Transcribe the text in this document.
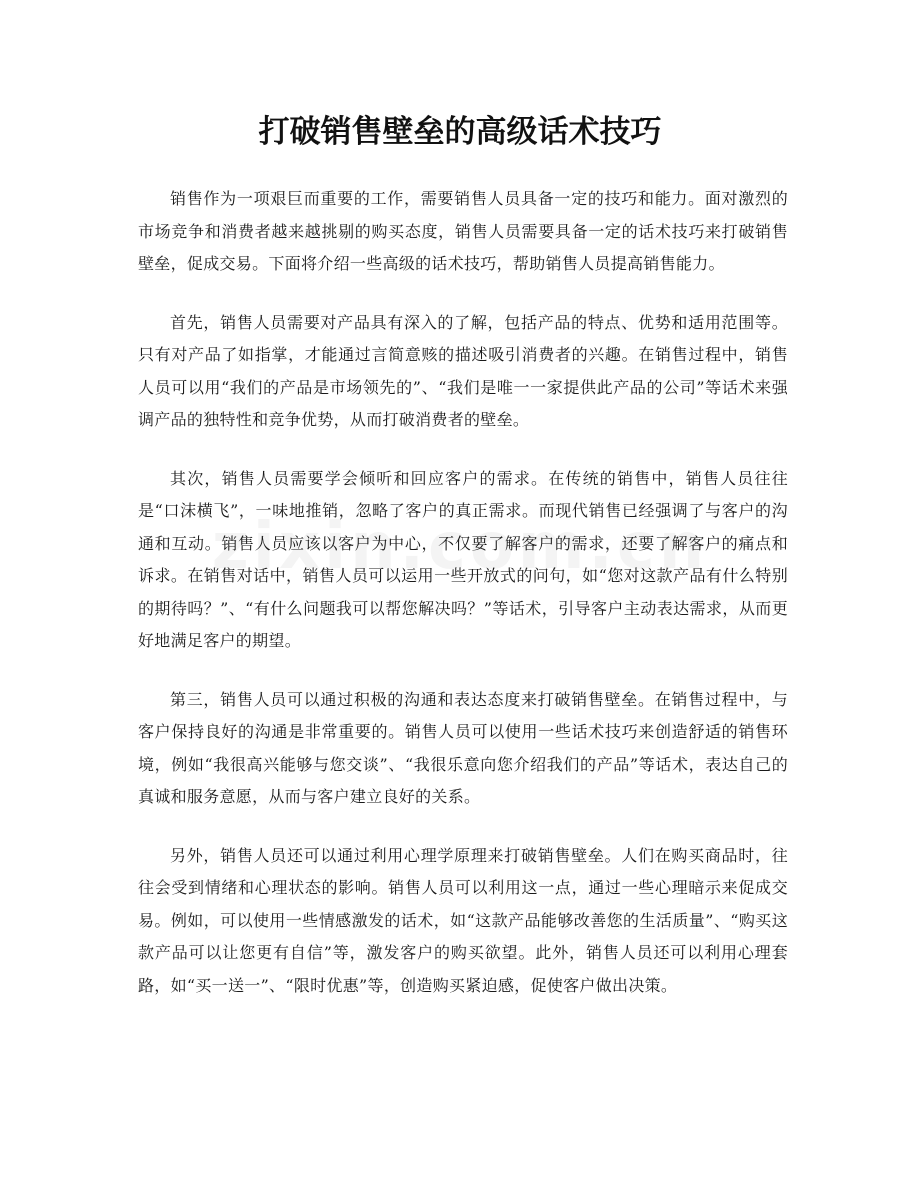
打破销售壁垒的高级话术技巧

销售作为一项艰巨而重要的工作，需要销售人员具备一定的技巧和能力。面对激烈的市场竞争和消费者越来越挑剔的购买态度，销售人员需要具备一定的话术技巧来打破销售壁垒，促成交易。下面将介绍一些高级的话术技巧，帮助销售人员提高销售能力。

首先，销售人员需要对产品具有深入的了解，包括产品的特点、优势和适用范围等。只有对产品了如指掌，才能通过言简意赅的描述吸引消费者的兴趣。在销售过程中，销售人员可以用“我们的产品是市场领先的”、“我们是唯一一家提供此产品的公司”等话术来强调产品的独特性和竞争优势，从而打破消费者的壁垒。

其次，销售人员需要学会倾听和回应客户的需求。在传统的销售中，销售人员往往是“口沫横飞”，一味地推销，忽略了客户的真正需求。而现代销售已经强调了与客户的沟通和互动。销售人员应该以客户为中心，不仅要了解客户的需求，还要了解客户的痛点和诉求。在销售对话中，销售人员可以运用一些开放式的问句，如“您对这款产品有什么特别的期待吗？”、“有什么问题我可以帮您解决吗？”等话术，引导客户主动表达需求，从而更好地满足客户的期望。

第三，销售人员可以通过积极的沟通和表达态度来打破销售壁垒。在销售过程中，与客户保持良好的沟通是非常重要的。销售人员可以使用一些话术技巧来创造舒适的销售环境，例如“我很高兴能够与您交谈”、“我很乐意向您介绍我们的产品”等话术，表达自己的真诚和服务意愿，从而与客户建立良好的关系。

另外，销售人员还可以通过利用心理学原理来打破销售壁垒。人们在购买商品时，往往会受到情绪和心理状态的影响。销售人员可以利用这一点，通过一些心理暗示来促成交易。例如，可以使用一些情感激发的话术，如“这款产品能够改善您的生活质量”、“购买这款产品可以让您更有自信”等，激发客户的购买欲望。此外，销售人员还可以利用心理套路，如“买一送一”、“限时优惠”等，创造购买紧迫感，促使客户做出决策。
